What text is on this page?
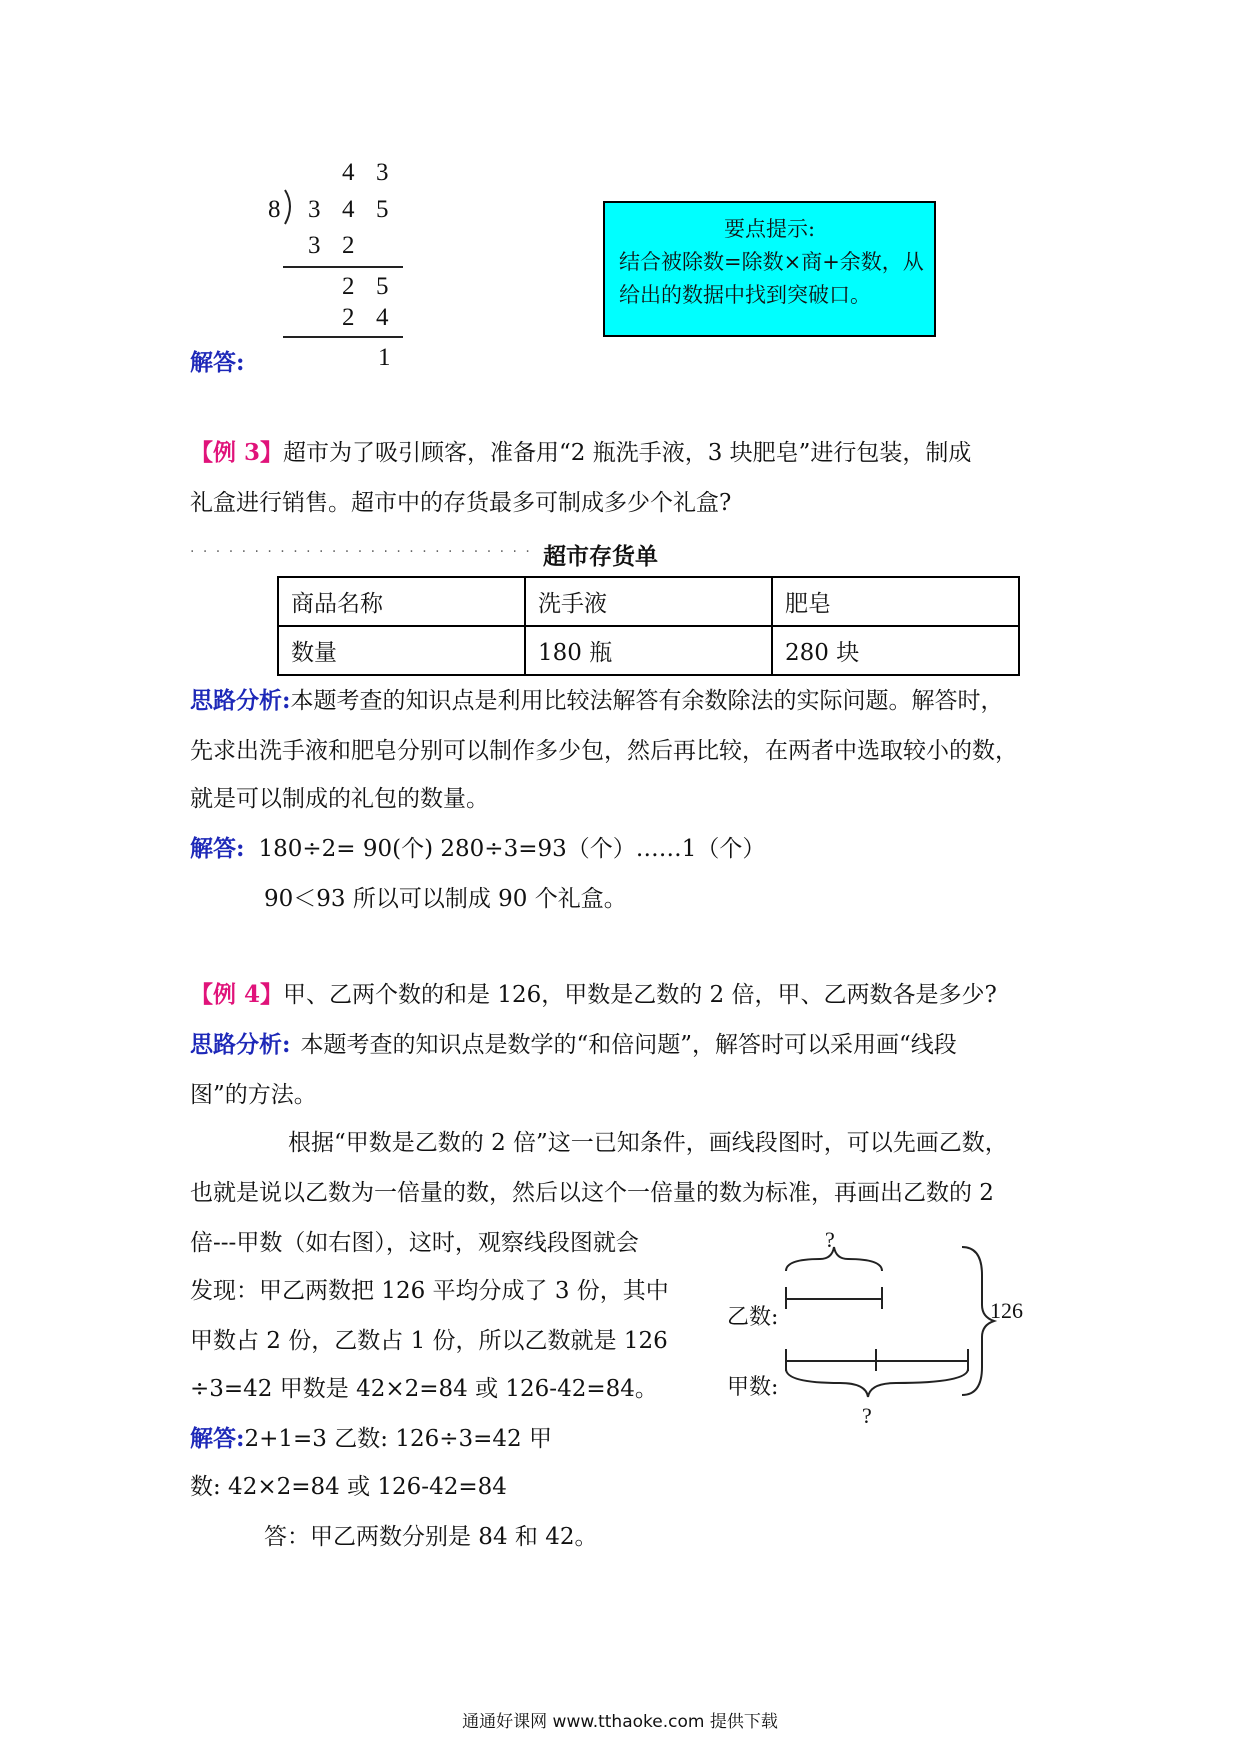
4 3
8 3 4 5
3 2
2 5
2 4
1
解答:
要点提示:
结合被除数=除数×商+余数，从
给出的数据中找到突破口。
【例 3】超市为了吸引顾客，准备用“2 瓶洗手液，3 块肥皂”进行包装，制成
礼盒进行销售。超市中的存货最多可制成多少个礼盒?
· · · · · · · · · · · · · · · · · · · · · · · · · · · 超市存货单
商品名称	洗手液	肥皂
数量	180 瓶	280 块
思路分析:本题考查的知识点是利用比较法解答有余数除法的实际问题。解答时，
先求出洗手液和肥皂分别可以制作多少包，然后再比较，在两者中选取较小的数，
就是可以制成的礼包的数量。
解答: 180÷2= 90(个) 280÷3=93（个）……1（个）
90＜93 所以可以制成 90 个礼盒。
【例 4】甲、乙两个数的和是 126，甲数是乙数的 2 倍，甲、乙两数各是多少?
思路分析: 本题考查的知识点是数学的“和倍问题”，解答时可以采用画“线段
图”的方法。
根据“甲数是乙数的 2 倍”这一已知条件，画线段图时，可以先画乙数，
也就是说以乙数为一倍量的数，然后以这个一倍量的数为标准，再画出乙数的 2
倍---甲数（如右图），这时，观察线段图就会
发现：甲乙两数把 126 平均分成了 3 份，其中
甲数占 2 份，乙数占 1 份，所以乙数就是 126
÷3=42 甲数是 42×2=84 或 126-42=84。
解答:2+1=3 乙数: 126÷3=42 甲
数: 42×2=84 或 126-42=84
答：甲乙两数分别是 84 和 42。
?
乙数:
甲数:
?
126
通通好课网 www.tthaoke.com 提供下载
